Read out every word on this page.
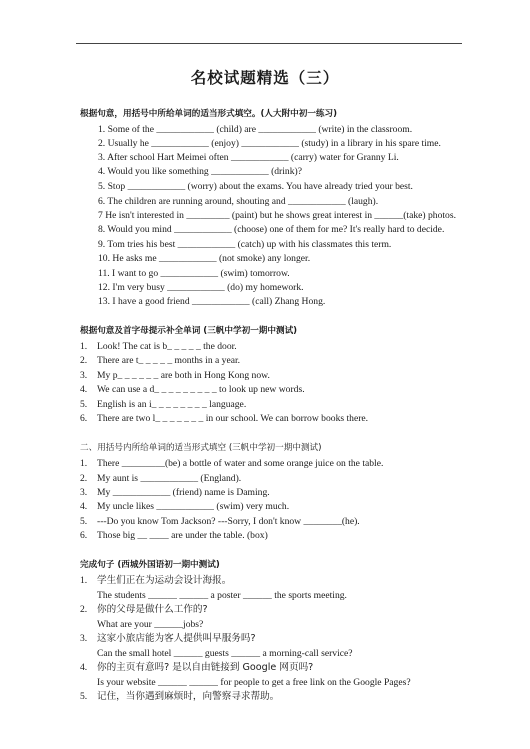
名校试题精选（三）
根据句意，用括号中所给单词的适当形式填空。(人大附中初一练习)
1. Some of the ____________ (child) are ____________ (write) in the classroom.
2. Usually he ____________ (enjoy) ____________ (study) in a library in his spare time.
3. After school Hart Meimei often ____________ (carry) water for Granny Li.
4. Would you like something ____________ (drink)?
5. Stop ____________ (worry) about the exams. You have already tried your best.
6. The children are running around, shouting and ____________ (laugh).
7 He isn't interested in _________ (paint) but he shows great interest in ______(take) photos.
8. Would you mind ____________ (choose) one of them for me? It's really hard to decide.
9. Tom tries his best ____________ (catch) up with his classmates this term.
10. He asks me ____________ (not smoke) any longer.
11. I want to go ____________ (swim) tomorrow.
12. I'm very busy ____________ (do) my homework.
13. I have a good friend ____________ (call) Zhang Hong.
根据句意及首字母提示补全单词 (三帆中学初一期中测试)
1. Look! The cat is b_ _ _ _ _ the door.
2. There are t_ _ _ _ _ months in a year.
3. My p_ _ _ _ _ _ are both in Hong Kong now.
4. We can use a d_ _ _ _ _ _ _ _ _ to look up new words.
5. English is an i_ _ _ _ _ _ _ _ language.
6. There are two l_ _ _ _ _ _ _ in our school. We can borrow books there.
二、用括号内所给单词的适当形式填空 (三帆中学初一期中测试)
1. There _________(be) a bottle of water and some orange juice on the table.
2. My aunt is ____________ (England).
3. My ____________ (friend) name is Daming.
4. My uncle likes ____________ (swim) very much.
5. ---Do you know Tom Jackson? ---Sorry, I don't know ________(he).
6. Those big __ ____ are under the table. (box)
完成句子 (西城外国语初一期中测试)
1. 学生们正在为运动会设计海报。
The students ______ ______ a poster ______ the sports meeting.
2. 你的父母是做什么工作的?
What are your ______jobs?
3. 这家小旅店能为客人提供叫早服务吗?
Can the small hotel ______ guests ______ a morning-call service?
4. 你的主页有意吗? 是以自由链接到 Google 网页吗?
Is your website ______ ______ for people to get a free link on the Google Pages?
5. 记住，当你遇到麻烦时，向警察寻求帮助。
